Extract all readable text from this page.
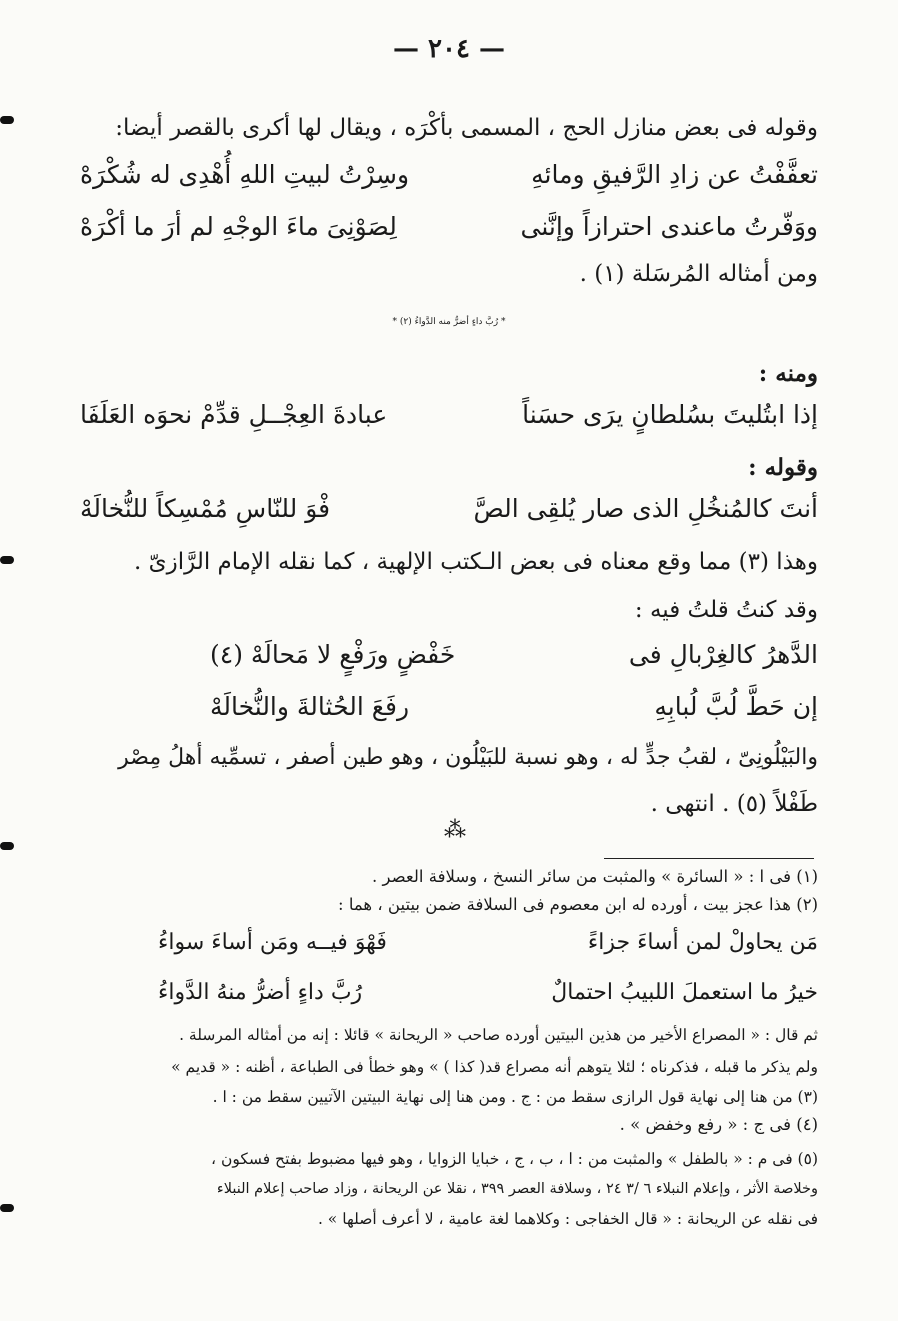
— ٢٠٤ —
وقوله فى بعض منازل الحج ، المسمى بأكْرَه ، ويقال لها أكرى بالقصر أيضا:
تعفَّفْتُ عن زادِ الرَّفيقِ ومائهِ
وسِرْتُ لبيتِ اللهِ أُهْدِى له شُكْرَهْ
ووَفّرتُ ماعندى احترازاً وإنَّنى
لِصَوْنِىَ ماءَ الوجْهِ لم أرَ ما أكْرَهْ
ومن أمثاله المُرسَلة (١) .
* رُبَّ داءٍ أضرُّ منه الدَّواءُ (٢) *
ومنه :
إذا ابتُليتَ بسُلطانٍ يرَى حسَناً
عبادةَ العِجْــلِ قدِّمْ نحوَه العَلَفَا
وقوله :
أنتَ كالمُنخُلِ الذى صار يُلقِى الصَّ
فْوَ للنّاسِ مُمْسِكاً للنُّخالَهْ
وهذا (٣) مما وقع معناه فى بعض الـكتب الإلهية ، كما نقله الإمام الرَّازىّ .
وقد كنتُ قلتُ فيه :
الدَّهرُ كالغِرْبالِ فى
خَفْضٍ ورَفْعٍ لا مَحالَهْ (٤)
إن حَطَّ لُبَّ لُبابِهِ
رفَعَ الحُثالةَ والنُّخالَهْ
والبَيْلُونِىّ ، لقبُ جدٍّ له ، وهو نسبة للبَيْلُون ، وهو طين أصفر ، تسمِّيه أهلُ مِصْر
طَفْلاً (٥) . انتهى .
⁂
(١) فى ا : « السائرة » والمثبت من سائر النسخ ، وسلافة العصر .
(٢) هذا عجز بيت ، أورده له ابن معصوم فى السلافة ضمن بيتين ، هما :
مَن يحاولْ لمن أساءَ جزاءً
فَهْوَ فيــه ومَن أساءَ سواءُ
خيرُ ما استعملَ اللبيبُ احتمالٌ
رُبَّ داءٍ أضرُّ منهُ الدَّواءُ
ثم قال : « المصراع الأخير من هذين البيتين أورده صاحب « الريحانة » قائلا : إنه من أمثاله المرسلة .
ولم يذكر ما قبله ، فذكرناه ؛ لئلا يتوهم أنه مصراع قد( كذا ) » وهو خطأ فى الطباعة ، أظنه : « قديم »
(٣) من هنا إلى نهاية قول الرازى سقط من : ج . ومن هنا إلى نهاية البيتين الآتيين سقط من : ا .
(٤) فى ج : « رفع وخفض » .
(٥) فى م : « بالطفل » والمثبت من : ا ، ب ، ج ، خبايا الزوايا ، وهو فيها مضبوط بفتح فسكون ،
وخلاصة الأثر ، وإعلام النبلاء ٦ /٣ ٢٤ ، وسلافة العصر ٣٩٩ ، نقلا عن الريحانة ، وزاد صاحب إعلام النبلاء
فى نقله عن الريحانة : « قال الخفاجى : وكلاهما لغة عامية ، لا أعرف أصلها » .
